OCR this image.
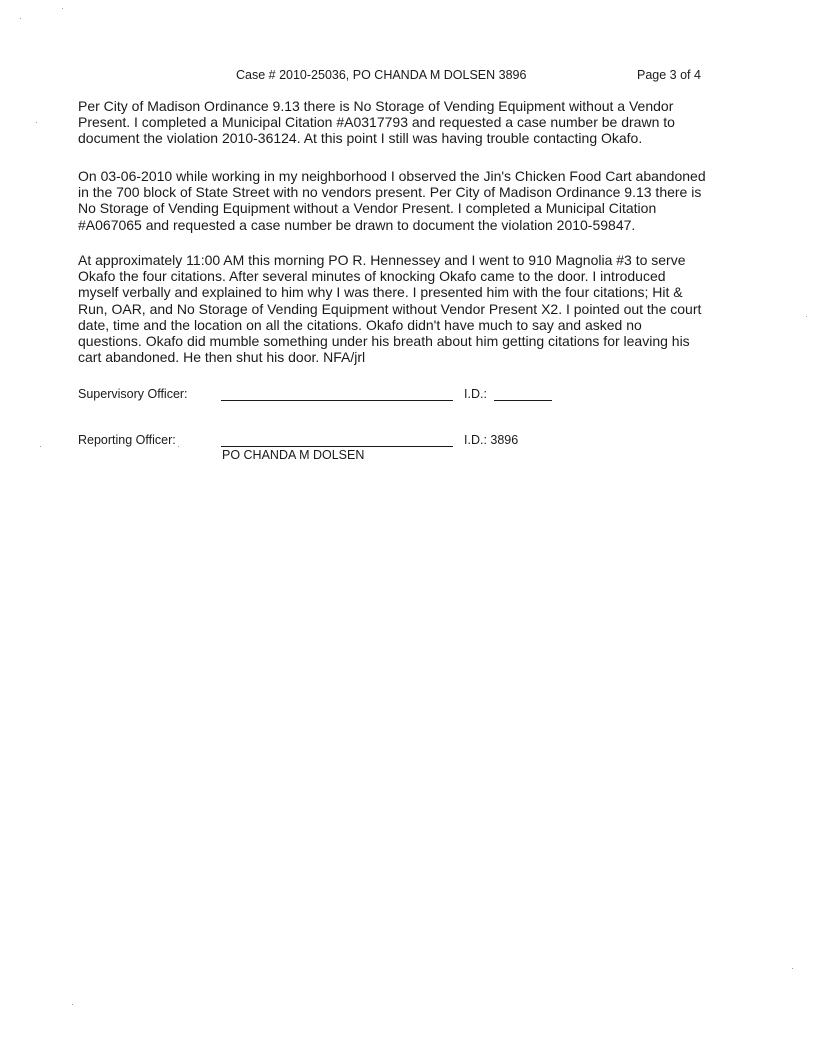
Case # 2010-25036, PO CHANDA M DOLSEN 3896	Page 3 of 4

Per City of Madison Ordinance 9.13 there is No Storage of Vending Equipment without a Vendor
Present. I completed a Municipal Citation #A0317793 and requested a case number be drawn to
document the violation 2010-36124. At this point I still was having trouble contacting Okafo.

On 03-06-2010 while working in my neighborhood I observed the Jin's Chicken Food Cart abandoned
in the 700 block of State Street with no vendors present. Per City of Madison Ordinance 9.13 there is
No Storage of Vending Equipment without a Vendor Present. I completed a Municipal Citation
#A067065 and requested a case number be drawn to document the violation 2010-59847.

At approximately 11:00 AM this morning PO R. Hennessey and I went to 910 Magnolia #3 to serve
Okafo the four citations. After several minutes of knocking Okafo came to the door. I introduced
myself verbally and explained to him why I was there. I presented him with the four citations; Hit &
Run, OAR, and No Storage of Vending Equipment without Vendor Present X2. I pointed out the court
date, time and the location on all the citations. Okafo didn't have much to say and asked no
questions. Okafo did mumble something under his breath about him getting citations for leaving his
cart abandoned. He then shut his door. NFA/jrl

Supervisory Officer:	I.D.:
Reporting Officer:	I.D.: 3896
PO CHANDA M DOLSEN
